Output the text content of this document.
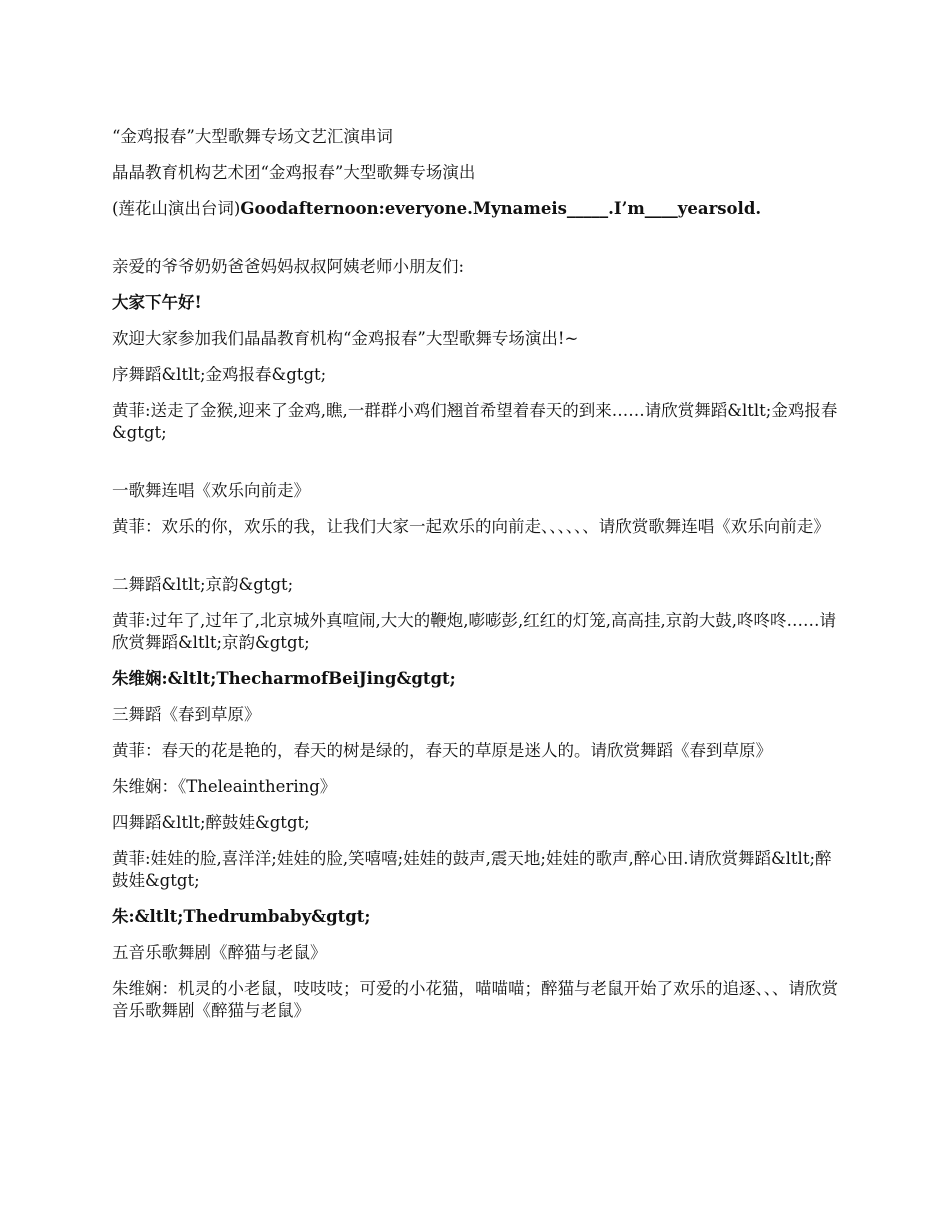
“金鸡报春”大型歌舞专场文艺汇演串词

晶晶教育机构艺术团“金鸡报春”大型歌舞专场演出

(莲花山演出台词)Goodafternoon:everyone.Mynameis_____.I’m____yearsold.

亲爱的爷爷奶奶爸爸妈妈叔叔阿姨老师小朋友们:

大家下午好!

欢迎大家参加我们晶晶教育机构“金鸡报春”大型歌舞专场演出!~

序舞蹈&ltlt;金鸡报春&gtgt;

黄菲:送走了金猴,迎来了金鸡,瞧,一群群小鸡们翘首希望着春天的到来……请欣赏舞蹈&ltlt;金鸡报春&gtgt;

一歌舞连唱《欢乐向前走》

黄菲：欢乐的你，欢乐的我，让我们大家一起欢乐的向前走、、、、、、请欣赏歌舞连唱《欢乐向前走》

二舞蹈&ltlt;京韵&gtgt;

黄菲:过年了,过年了,北京城外真喧闹,大大的鞭炮,嘭嘭彭,红红的灯笼,高高挂,京韵大鼓,咚咚咚……请欣赏舞蹈&ltlt;京韵&gtgt;

朱维娴:&ltlt;ThecharmofBeiJing&gtgt;

三舞蹈《春到草原》

黄菲：春天的花是艳的，春天的树是绿的，春天的草原是迷人的。请欣赏舞蹈《春到草原》

朱维娴：《Theleainthering》

四舞蹈&ltlt;醉鼓娃&gtgt;

黄菲:娃娃的脸,喜洋洋;娃娃的脸,笑嘻嘻;娃娃的鼓声,震天地;娃娃的歌声,醉心田.请欣赏舞蹈&ltlt;醉鼓娃&gtgt;

朱:&ltlt;Thedrumbaby&gtgt;

五音乐歌舞剧《醉猫与老鼠》

朱维娴：机灵的小老鼠，吱吱吱；可爱的小花猫，喵喵喵；醉猫与老鼠开始了欢乐的追逐、、、请欣赏音乐歌舞剧《醉猫与老鼠》
